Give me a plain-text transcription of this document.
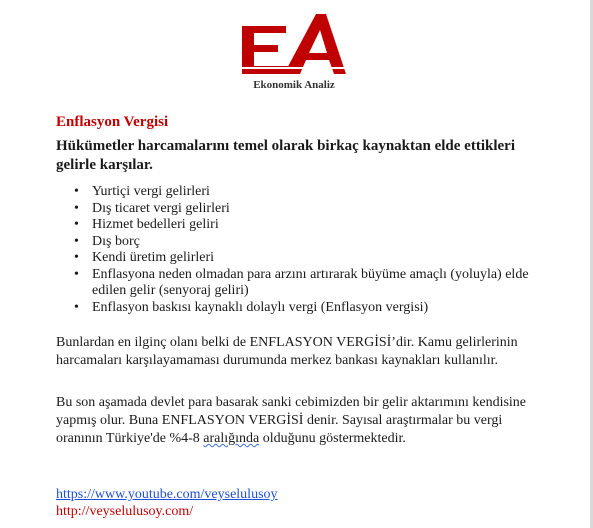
Ekonomik Analiz
Enflasyon Vergisi
Hükümetler harcamalarını temel olarak birkaç kaynaktan elde ettikleri gelirle karşılar.
• Yurtiçi vergi gelirleri
• Dış ticaret vergi gelirleri
• Hizmet bedelleri geliri
• Dış borç
• Kendi üretim gelirleri
• Enflasyona neden olmadan para arzını artırarak büyüme amaçlı (yoluyla) elde edilen gelir (senyoraj geliri)
• Enflasyon baskısı kaynaklı dolaylı vergi (Enflasyon vergisi)

Bunlardan en ilginç olanı belki de ENFLASYON VERGİSİ’dir. Kamu gelirlerinin harcamaları karşılayamaması durumunda merkez bankası kaynakları kullanılır.

Bu son aşamada devlet para basarak sanki cebimizden bir gelir aktarımını kendisine yapmış olur. Buna ENFLASYON VERGİSİ denir. Sayısal araştırmalar bu vergi oranının Türkiye'de %4-8 aralığında olduğunu göstermektedir.

https://www.youtube.com/veyselulusoy
http://veyselulusoy.com/
